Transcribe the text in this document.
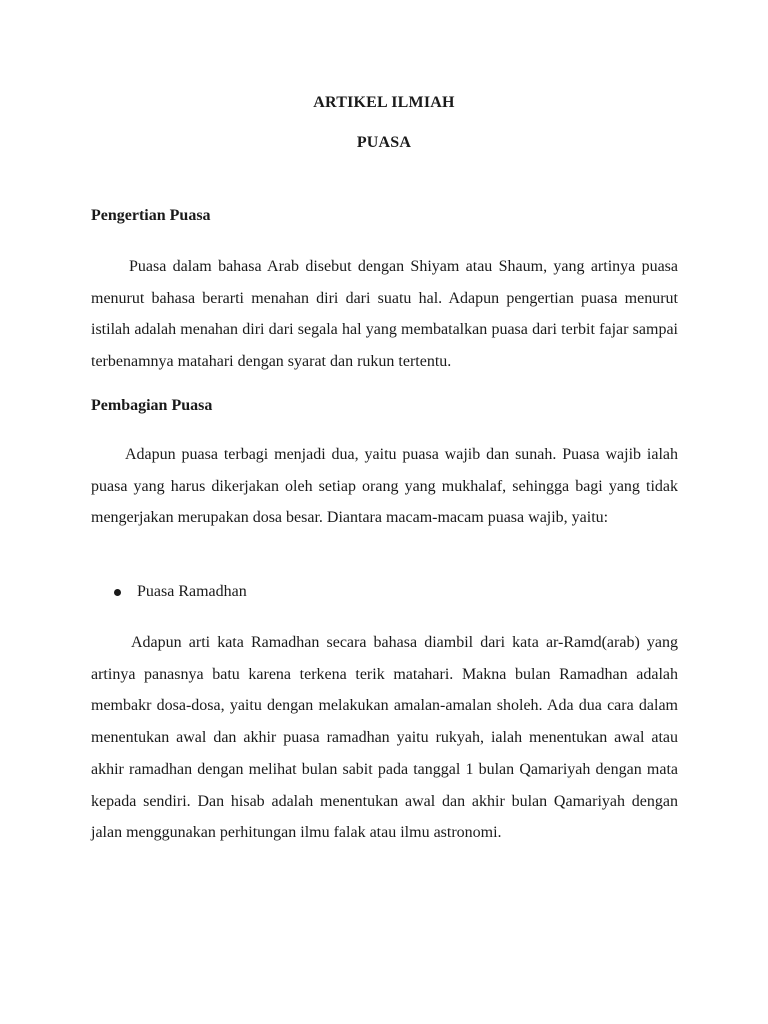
ARTIKEL ILMIAH
PUASA
Pengertian Puasa

Puasa dalam bahasa Arab disebut dengan Shiyam atau Shaum, yang artinya puasa menurut bahasa berarti menahan diri dari suatu hal. Adapun pengertian puasa menurut istilah adalah menahan diri dari segala hal yang membatalkan puasa dari terbit fajar sampai terbenamnya matahari dengan syarat dan rukun tertentu.

Pembagian Puasa

Adapun puasa terbagi menjadi dua, yaitu puasa wajib dan sunah. Puasa wajib ialah puasa yang harus dikerjakan oleh setiap orang yang mukhalaf, sehingga bagi yang tidak mengerjakan merupakan dosa besar. Diantara macam-macam puasa wajib, yaitu:

Puasa Ramadhan

Adapun arti kata Ramadhan secara bahasa diambil dari kata ar-Ramd(arab) yang artinya panasnya batu karena terkena terik matahari. Makna bulan Ramadhan adalah membakr dosa-dosa, yaitu dengan melakukan amalan-amalan sholeh. Ada dua cara dalam menentukan awal dan akhir puasa ramadhan yaitu rukyah, ialah menentukan awal atau akhir ramadhan dengan melihat bulan sabit pada tanggal 1 bulan Qamariyah dengan mata kepada sendiri. Dan hisab adalah menentukan awal dan akhir bulan Qamariyah dengan jalan menggunakan perhitungan ilmu falak atau ilmu astronomi.
